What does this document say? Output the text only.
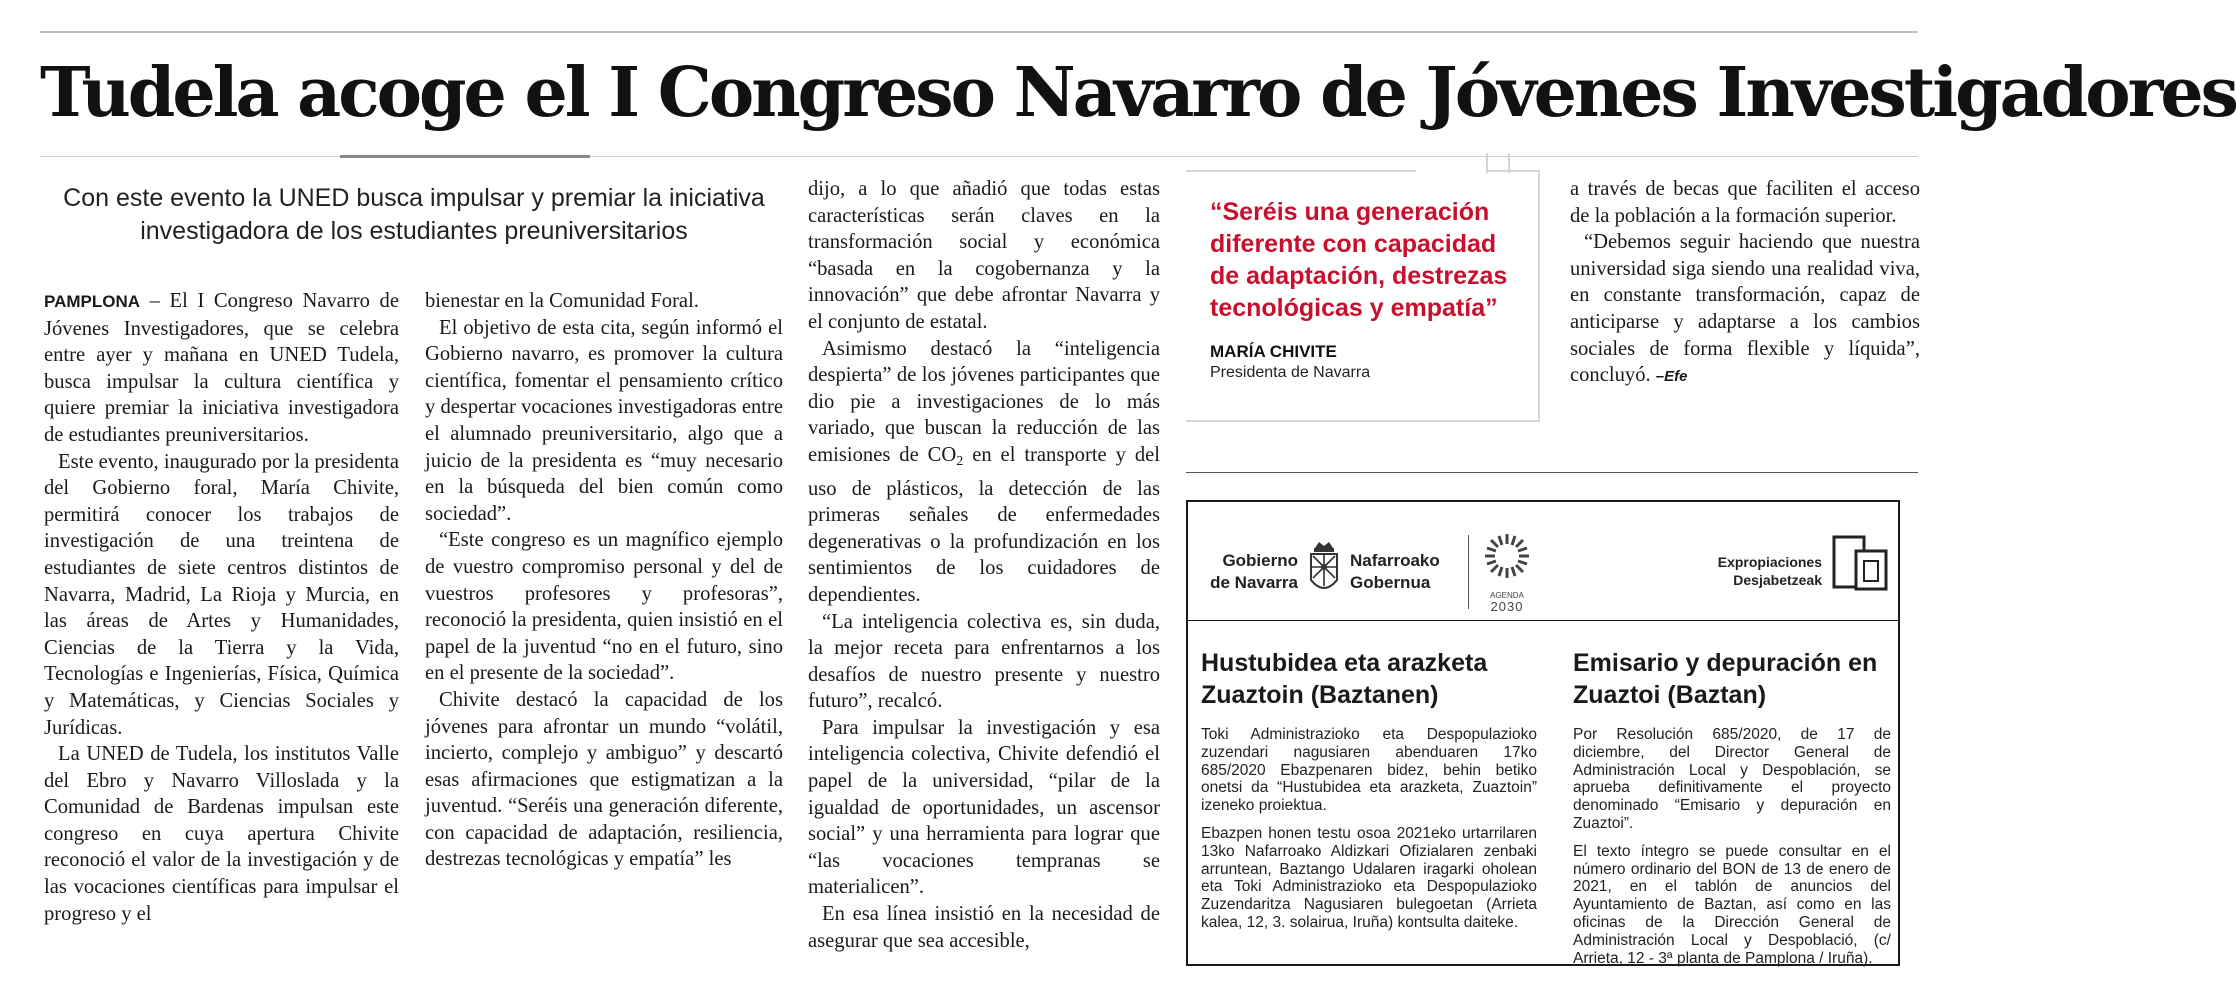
Tudela acoge el I Congreso Navarro de Jóvenes Investigadores
Con este evento la UNED busca impulsar y premiar la iniciativa investigadora de los estudiantes preuniversitarios

PAMPLONA – El I Congreso Navarro de Jóvenes Investigadores, que se celebra entre ayer y mañana en UNED Tudela, busca impulsar la cultura científica y quiere premiar la iniciativa investigadora de estudiantes preuniversitarios.

Este evento, inaugurado por la presidenta del Gobierno foral, María Chivite, permitirá conocer los trabajos de investigación de una treintena de estudiantes de siete centros distintos de Navarra, Madrid, La Rioja y Murcia, en las áreas de Artes y Humanidades, Ciencias de la Tierra y la Vida, Tecnologías e Ingenierías, Física, Química y Matemáticas, y Ciencias Sociales y Jurídicas.

La UNED de Tudela, los institutos Valle del Ebro y Navarro Villoslada y la Comunidad de Bardenas impulsan este congreso en cuya apertura Chivite reconoció el valor de la investigación y de las vocaciones científicas para impulsar el progreso y el

bienestar en la Comunidad Foral.

El objetivo de esta cita, según informó el Gobierno navarro, es promover la cultura científica, fomentar el pensamiento crítico y despertar vocaciones investigadoras entre el alumnado preuniversitario, algo que a juicio de la presidenta es “muy necesario en la búsqueda del bien común como sociedad”.

“Este congreso es un magnífico ejemplo de vuestro compromiso personal y del de vuestros profesores y profesoras”, reconoció la presidenta, quien insistió en el papel de la juventud “no en el futuro, sino en el presente de la sociedad”.

Chivite destacó la capacidad de los jóvenes para afrontar un mundo “volátil, incierto, complejo y ambiguo” y descartó esas afirmaciones que estigmatizan a la juventud. “Seréis una generación diferente, con capacidad de adaptación, resiliencia, destrezas tecnológicas y empatía” les

dijo, a lo que añadió que todas estas características serán claves en la transformación social y económica “basada en la cogobernanza y la innovación” que debe afrontar Navarra y el conjunto de estatal.

Asimismo destacó la “inteligencia despierta” de los jóvenes participantes que dio pie a investigaciones de lo más variado, que buscan la reducción de las emisiones de $CO_2$ en el transporte y del uso de plásticos, la detección de las primeras señales de enfermedades degenerativas o la profundización en los sentimientos de los cuidadores de dependientes.

“La inteligencia colectiva es, sin duda, la mejor receta para enfrentarnos a los desafíos de nuestro presente y nuestro futuro”, recalcó.

Para impulsar la investigación y esa inteligencia colectiva, Chivite defendió el papel de la universidad, “pilar de la igualdad de oportunidades, un ascensor social” y una herramienta para lograr que “las vocaciones tempranas se materialicen”.

En esa línea insistió en la necesidad de asegurar que sea accesible,

“Seréis una generación diferente con capacidad de adaptación, destrezas tecnológicas y empatía”
MARÍA CHIVITE
Presidenta de Navarra

a través de becas que faciliten el acceso de la población a la formación superior.

“Debemos seguir haciendo que nuestra universidad siga siendo una realidad viva, en constante transformación, capaz de anticiparse y adaptarse a los cambios sociales de forma flexible y líquida”, concluyó. –Efe

Gobierno de Navarra
Nafarroako Gobernua
AGENDA
2030
Expropiaciones Desjabetzeak
Hustubidea eta arazketa Zuaztoin (Baztanen)
Emisario y depuración en Zuaztoi (Baztan)

Toki Administrazioko eta Despopulazioko zuzendari nagusiaren abenduaren 17ko 685/2020 Ebazpenaren bidez, behin betiko onetsi da “Hustubidea eta arazketa, Zuaztoin” izeneko proiektua.

Ebazpen honen testu osoa 2021eko urtarrilaren 13ko Nafarroako Aldizkari Ofizialaren zenbaki arruntean, Baztango Udalaren iragarki oholean eta Toki Administrazioko eta Despopulazioko Zuzendaritza Nagusiaren bulegoetan (Arrieta kalea, 12, 3. solairua, Iruña) kontsulta daiteke.

Por Resolución 685/2020, de 17 de diciembre, del Director General de Administración Local y Despoblación, se aprueba definitivamente el proyecto denominado “Emisario y depuración en Zuaztoi”.

El texto íntegro se puede consultar en el número ordinario del BON de 13 de enero de 2021, en el tablón de anuncios del Ayuntamiento de Baztan, así como en las oficinas de la Dirección General de Administración Local y Despoblació, (c/ Arrieta, 12 - 3ª planta de Pamplona / Iruña).
